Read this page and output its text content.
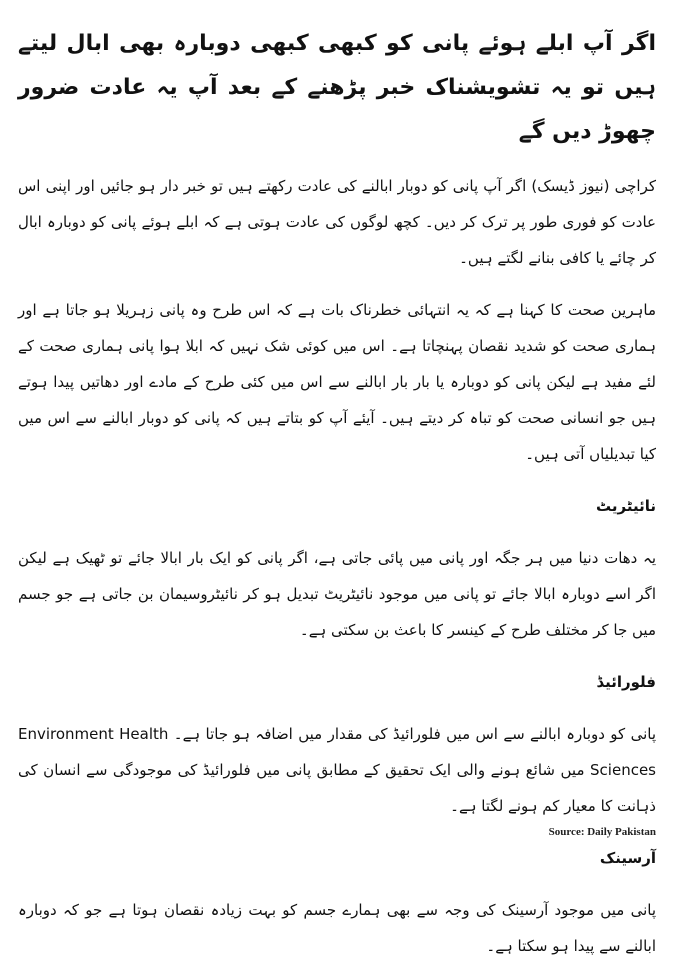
اگر آپ ابلے ہوئے پانی کو کبھی کبھی دوبارہ بھی ابال لیتے ہیں تو یہ تشویشناک خبر پڑھنے کے بعد آپ یہ عادت ضرور چھوڑ دیں گے
کراچی (نیوز ڈیسک) اگر آپ پانی کو دوبار ابالنے کی عادت رکھتے ہیں تو خبر دار ہو جائیں اور اپنی اس عادت کو فوری طور پر ترک کر دیں۔ کچھ لوگوں کی عادت ہوتی ہے کہ ابلے ہوئے پانی کو دوبارہ ابال کر چائے یا کافی بنانے لگتے ہیں۔
ماہرین صحت کا کہنا ہے کہ یہ انتہائی خطرناک بات ہے کہ اس طرح وہ پانی زہریلا ہو جاتا ہے اور ہماری صحت کو شدید نقصان پہنچاتا ہے۔ اس میں کوئی شک نہیں کہ ابلا ہوا پانی ہماری صحت کے لئے مفید ہے لیکن پانی کو دوبارہ یا بار بار ابالنے سے اس میں کئی طرح کے مادے اور دھاتیں پیدا ہوتے ہیں جو انسانی صحت کو تباہ کر دیتے ہیں۔ آیئے آپ کو بتاتے ہیں کہ پانی کو دوبار ابالنے سے اس میں کیا تبدیلیاں آتی ہیں۔
نائیٹریٹ
یہ دھات دنیا میں ہر جگہ اور پانی میں پائی جاتی ہے، اگر پانی کو ایک بار ابالا جائے تو ٹھیک ہے لیکن اگر اسے دوبارہ ابالا جائے تو پانی میں موجود نائیٹریٹ تبدیل ہو کر نائیٹروسیمان بن جاتی ہے جو جسم میں جا کر مختلف طرح کے کینسر کا باعث بن سکتی ہے۔
فلورائیڈ
پانی کو دوبارہ ابالنے سے اس میں فلورائیڈ کی مقدار میں اضافہ ہو جاتا ہے۔ Environment Health Sciences میں شائع ہونے والی ایک تحقیق کے مطابق پانی میں فلورائیڈ کی موجودگی سے انسان کی ذہانت کا معیار کم ہونے لگتا ہے۔
آرسینک
پانی میں موجود آرسینک کی وجہ سے بھی ہمارے جسم کو بہت زیادہ نقصان ہوتا ہے جو کہ دوبارہ ابالنے سے پیدا ہو سکتا ہے۔
Source: Daily Pakistan
